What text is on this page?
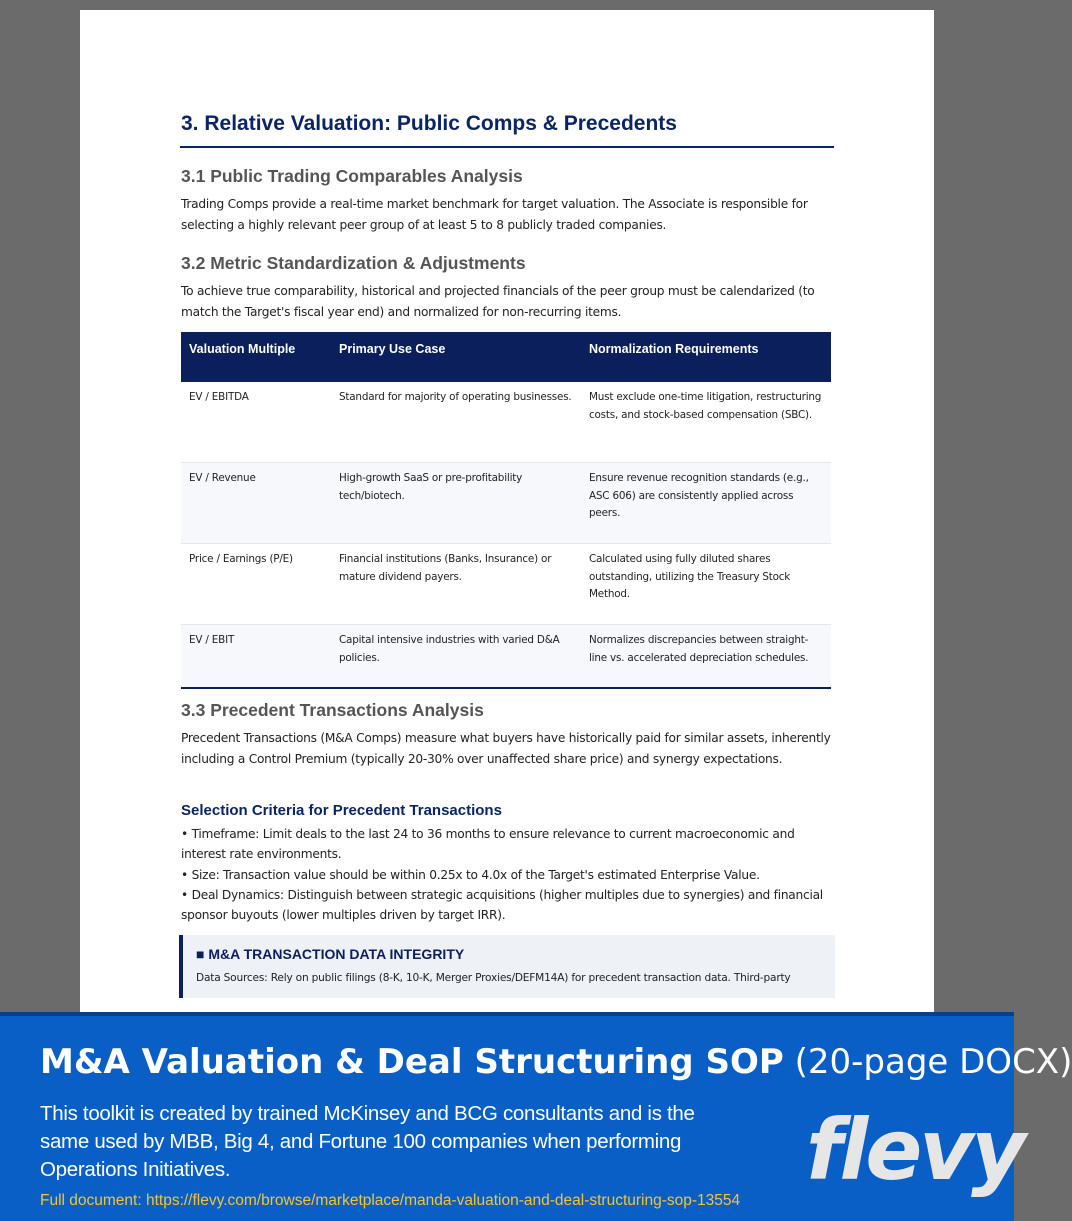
3. Relative Valuation: Public Comps & Precedents
3.1 Public Trading Comparables Analysis
Trading Comps provide a real-time market benchmark for target valuation. The Associate is responsible for selecting a highly relevant peer group of at least 5 to 8 publicly traded companies.
3.2 Metric Standardization & Adjustments
To achieve true comparability, historical and projected financials of the peer group must be calendarized (to match the Target's fiscal year end) and normalized for non-recurring items.
Valuation Multiple	Primary Use Case	Normalization Requirements
EV / EBITDA	Standard for majority of operating businesses.	Must exclude one-time litigation, restructuring costs, and stock-based compensation (SBC).
EV / Revenue	High-growth SaaS or pre-profitability tech/biotech.	Ensure revenue recognition standards (e.g., ASC 606) are consistently applied across peers.
Price / Earnings (P/E)	Financial institutions (Banks, Insurance) or mature dividend payers.	Calculated using fully diluted shares outstanding, utilizing the Treasury Stock Method.
EV / EBIT	Capital intensive industries with varied D&A policies.	Normalizes discrepancies between straight-line vs. accelerated depreciation schedules.
3.3 Precedent Transactions Analysis
Precedent Transactions (M&A Comps) measure what buyers have historically paid for similar assets, inherently including a Control Premium (typically 20-30% over unaffected share price) and synergy expectations.
Selection Criteria for Precedent Transactions
• Timeframe: Limit deals to the last 24 to 36 months to ensure relevance to current macroeconomic and interest rate environments.
• Size: Transaction value should be within 0.25x to 4.0x of the Target's estimated Enterprise Value.
• Deal Dynamics: Distinguish between strategic acquisitions (higher multiples due to synergies) and financial sponsor buyouts (lower multiples driven by target IRR).
■ M&A TRANSACTION DATA INTEGRITY
Data Sources: Rely on public filings (8-K, 10-K, Merger Proxies/DEFM14A) for precedent transaction data. Third-party
M&A Valuation & Deal Structuring SOP (20-page DOCX)
This toolkit is created by trained McKinsey and BCG consultants and is the same used by MBB, Big 4, and Fortune 100 companies when performing Operations Initiatives.
Full document: https://flevy.com/browse/marketplace/manda-valuation-and-deal-structuring-sop-13554
flevy
